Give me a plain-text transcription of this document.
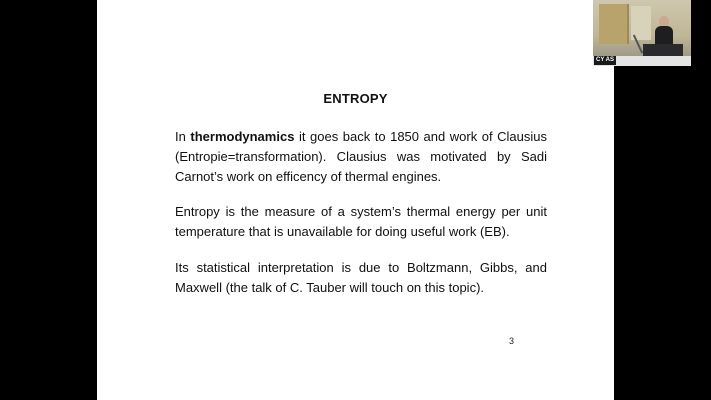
ENTROPY

In thermodynamics it goes back to 1850 and work of Clausius (Entropie=transformation). Clausius was motivated by Sadi Carnot’s work on efficency of thermal engines.

Entropy is the measure of a system’s thermal energy per unit temperature that is unavailable for doing useful work (EB).

Its statistical interpretation is due to Boltzmann, Gibbs, and Maxwell (the talk of C. Tauber will touch on this topic).

3
CY AS
